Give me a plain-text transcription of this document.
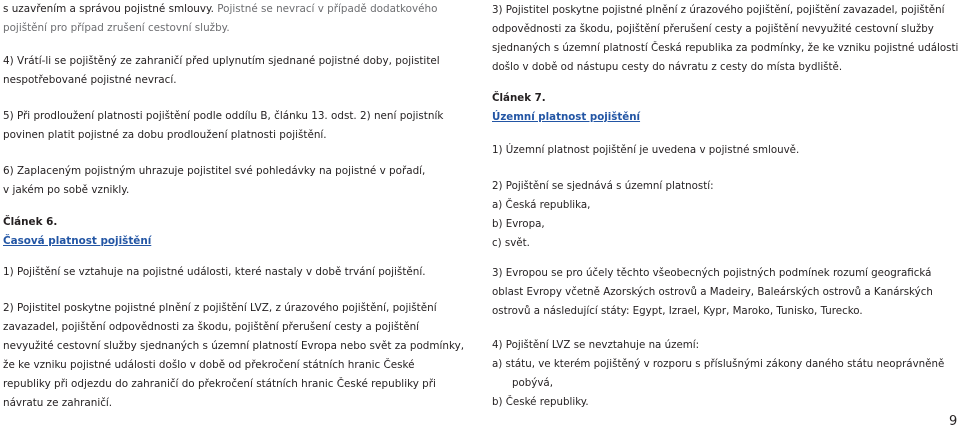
s uzavřením a správou pojistné smlouvy. Pojistné se nevrací v případě dodatkového
pojištění pro případ zrušení cestovní služby.

4) Vrátí-li se pojištěný ze zahraničí před uplynutím sjednané pojistné doby, pojistitel
nespotřebované pojistné nevrací.

5) Při prodloužení platnosti pojištění podle oddílu B, článku 13. odst. 2) není pojistník
povinen platit pojistné za dobu prodloužení platnosti pojištění.

6) Zaplaceným pojistným uhrazuje pojistitel své pohledávky na pojistné v pořadí,
v jakém po sobě vznikly.

Článek 6.
Časová platnost pojištění

1) Pojištění se vztahuje na pojistné události, které nastaly v době trvání pojištění.

2) Pojistitel poskytne pojistné plnění z pojištění LVZ, z úrazového pojištění, pojištění
zavazadel, pojištění odpovědnosti za škodu, pojištění přerušení cesty a pojištění
nevyužité cestovní služby sjednaných s územní platností Evropa nebo svět za podmínky,
že ke vzniku pojistné události došlo v době od překročení státních hranic České
republiky při odjezdu do zahraničí do překročení státních hranic České republiky při
návratu ze zahraničí.

3) Pojistitel poskytne pojistné plnění z úrazového pojištění, pojištění zavazadel, pojištění
odpovědnosti za škodu, pojištění přerušení cesty a pojištění nevyužité cestovní služby
sjednaných s územní platností Česká republika za podmínky, že ke vzniku pojistné události
došlo v době od nástupu cesty do návratu z cesty do místa bydliště.

Článek 7.
Územní platnost pojištění

1) Územní platnost pojištění je uvedena v pojistné smlouvě.

2) Pojištění se sjednává s územní platností:
a) Česká republika,
b) Evropa,
c) svět.

3) Evropou se pro účely těchto všeobecných pojistných podmínek rozumí geografická
oblast Evropy včetně Azorských ostrovů a Madeiry, Baleárských ostrovů a Kanárských
ostrovů a následující státy: Egypt, Izrael, Kypr, Maroko, Tunisko, Turecko.

4) Pojištění LVZ se nevztahuje na území:
a) státu, ve kterém pojištěný v rozporu s příslušnými zákony daného státu neoprávněně
pobývá,
b) České republiky.

9
